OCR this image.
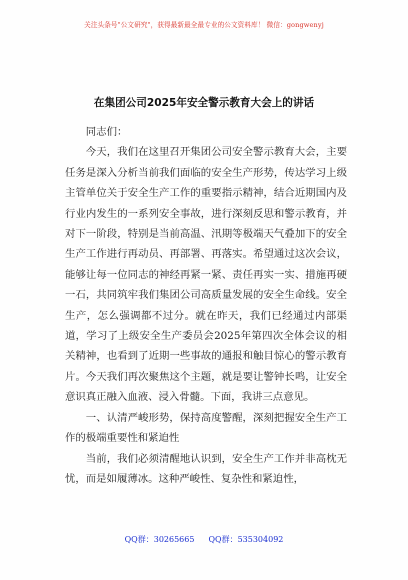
关注头条号"公文研究"，获得最新最全最专业的公文资料库！ 微信：gongwenyj
在集团公司2025年安全警示教育大会上的讲话

同志们：

今天，我们在这里召开集团公司安全警示教育大会，主要任务是深入分析当前我们面临的安全生产形势，传达学习上级主管单位关于安全生产工作的重要指示精神，结合近期国内及行业内发生的一系列安全事故，进行深刻反思和警示教育，并对下一阶段，特别是当前高温、汛期等极端天气叠加下的安全生产工作进行再动员、再部署、再落实。希望通过这次会议，能够让每一位同志的神经再紧一紧、责任再实一实、措施再硬一石，共同筑牢我们集团公司高质量发展的安全生命线。安全生产，怎么强调都不过分。就在昨天，我们已经通过内部渠道，学习了上级安全生产委员会2025年第四次全体会议的相关精神，也看到了近期一些事故的通报和触目惊心的警示教育片。今天我们再次聚焦这个主题，就是要让警钟长鸣，让安全意识真正融入血液、浸入骨髓。下面，我讲三点意见。

一、认清严峻形势，保持高度警醒，深刻把握安全生产工作的极端重要性和紧迫性

当前，我们必须清醒地认识到，安全生产工作并非高枕无忧，而是如履薄冰。这种严峻性、复杂性和紧迫性，

QQ群：30265665 QQ群：535304092
